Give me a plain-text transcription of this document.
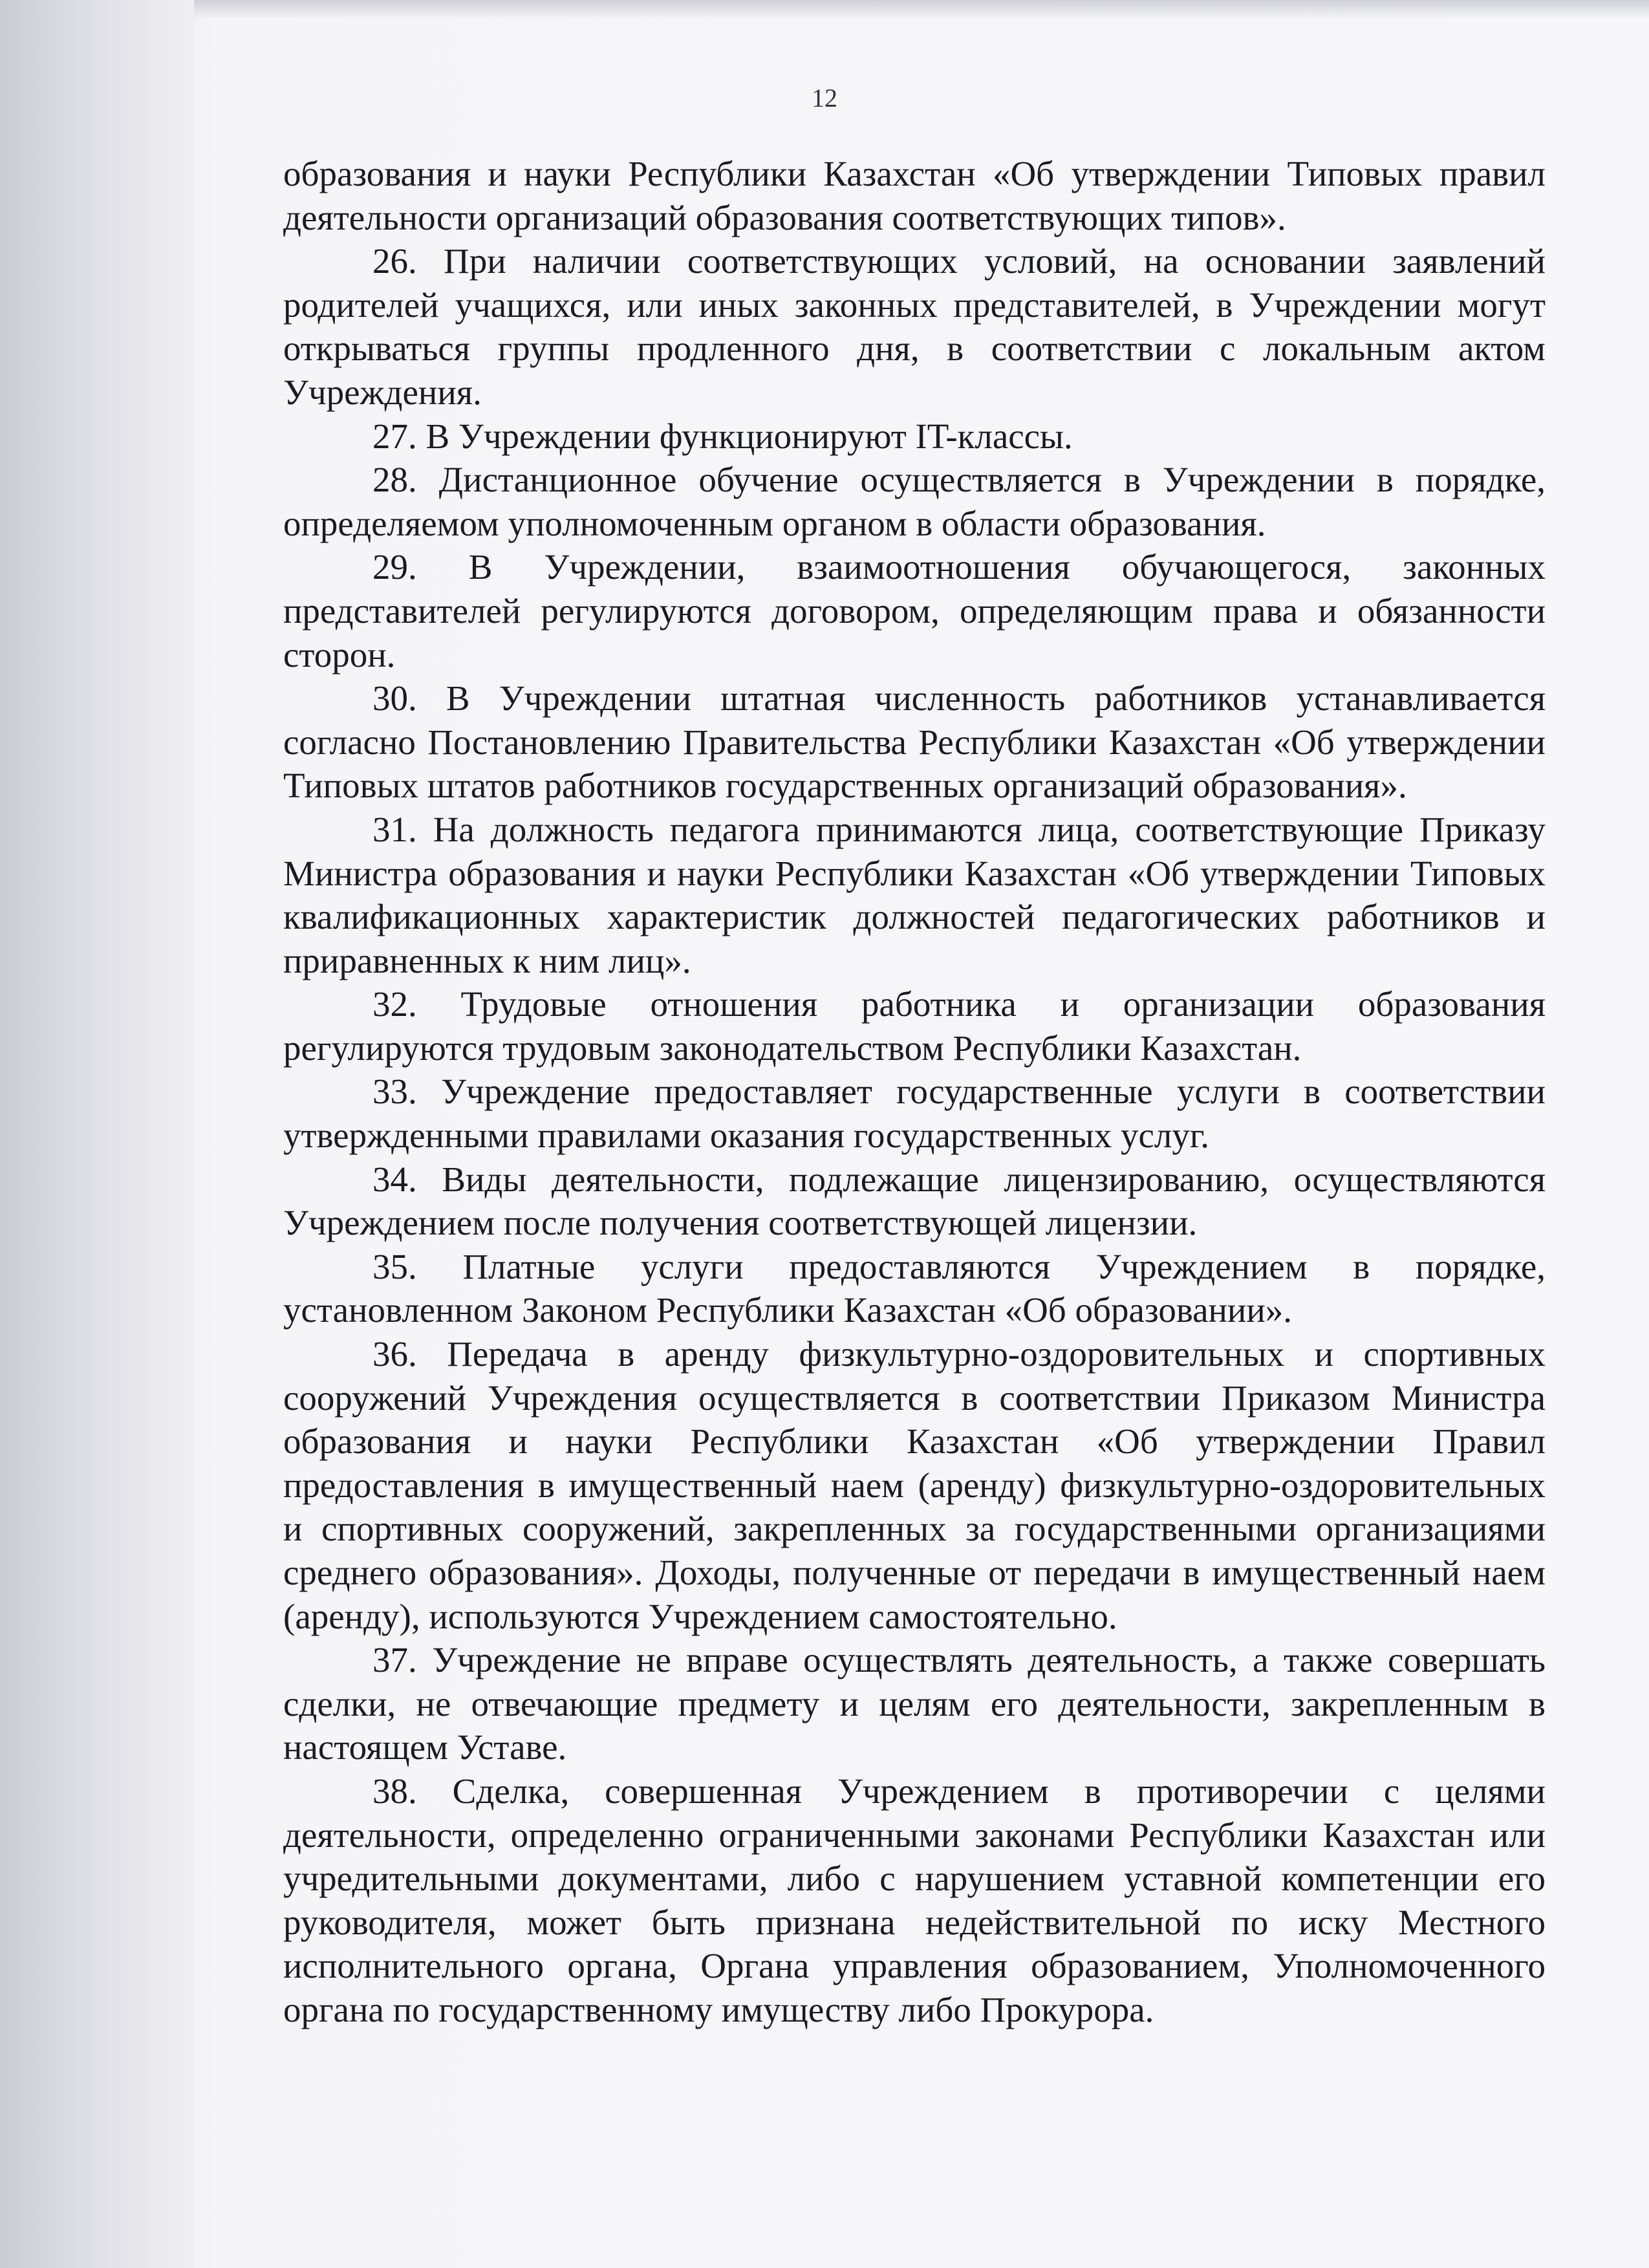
12

образования и науки Республики Казахстан «Об утверждении Типовых правил деятельности организаций образования соответствующих типов».

26. При наличии соответствующих условий, на основании заявлений родителей учащихся, или иных законных представителей, в Учреждении могут открываться группы продленного дня, в соответствии с локальным актом Учреждения.

27. В Учреждении функционируют IT-классы.

28. Дистанционное обучение осуществляется в Учреждении в порядке, определяемом уполномоченным органом в области образования.

29. В Учреждении, взаимоотношения обучающегося, законных представителей регулируются договором, определяющим права и обязанности сторон.

30. В Учреждении штатная численность работников устанавливается согласно Постановлению Правительства Республики Казахстан «Об утверждении Типовых штатов работников государственных организаций образования».

31. На должность педагога принимаются лица, соответствующие Приказу Министра образования и науки Республики Казахстан «Об утверждении Типовых квалификационных характеристик должностей педагогических работников и приравненных к ним лиц».

32. Трудовые отношения работника и организации образования регулируются трудовым законодательством Республики Казахстан.

33. Учреждение предоставляет государственные услуги в соответствии утвержденными правилами оказания государственных услуг.

34. Виды деятельности, подлежащие лицензированию, осуществляются Учреждением после получения соответствующей лицензии.

35. Платные услуги предоставляются Учреждением в порядке, установленном Законом Республики Казахстан «Об образовании».

36. Передача в аренду физкультурно-оздоровительных и спортивных сооружений Учреждения осуществляется в соответствии Приказом Министра образования и науки Республики Казахстан «Об утверждении Правил предоставления в имущественный наем (аренду) физкультурно-оздоровительных и спортивных сооружений, закрепленных за государственными организациями среднего образования». Доходы, полученные от передачи в имущественный наем (аренду), используются Учреждением самостоятельно.

37. Учреждение не вправе осуществлять деятельность, а также совершать сделки, не отвечающие предмету и целям его деятельности, закрепленным в настоящем Уставе.

38. Сделка, совершенная Учреждением в противоречии с целями деятельности, определенно ограниченными законами Республики Казахстан или учредительными документами, либо с нарушением уставной компетенции его руководителя, может быть признана недействительной по иску Местного исполнительного органа, Органа управления образованием, Уполномоченного органа по государственному имуществу либо Прокурора.
